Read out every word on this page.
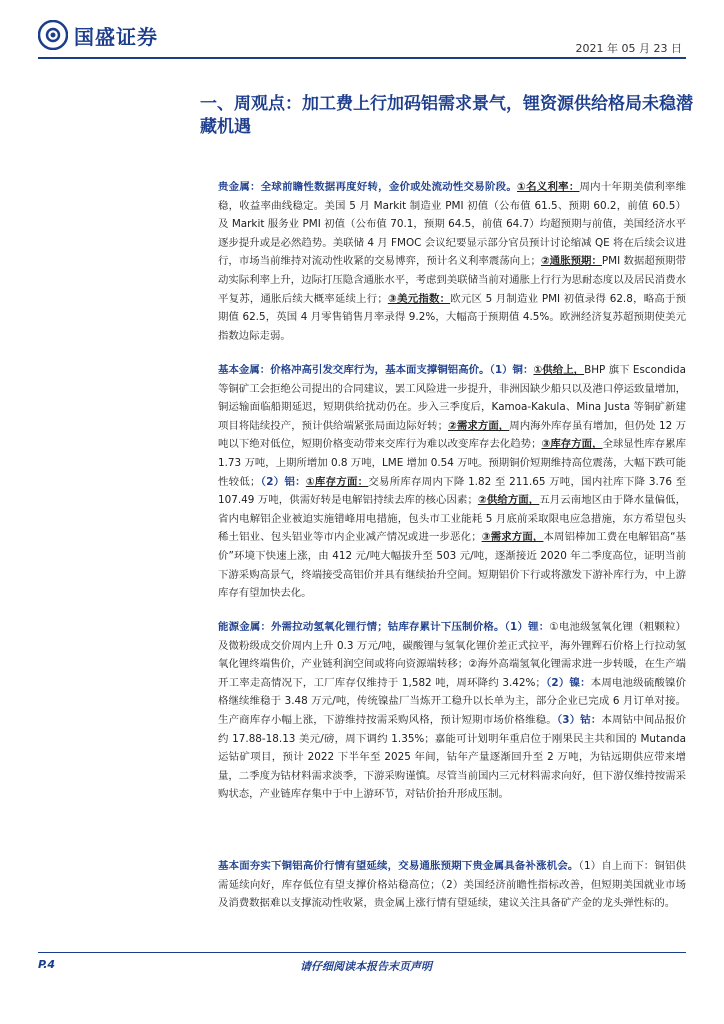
国盛证券	2021 年 05 月 23 日
一、周观点：加工费上行加码铝需求景气，锂资源供给格局未稳潜藏机遇
贵金属：全球前瞻性数据再度好转，金价或处流动性交易阶段。①名义利率：周内十年期美债利率维稳，收益率曲线稳定。美国 5 月 Markit 制造业 PMI 初值（公布值 61.5、预期 60.2，前值 60.5）及 Markit 服务业 PMI 初值（公布值 70.1，预期 64.5，前值 64.7）均超预期与前值，美国经济水平逐步提升或是必然趋势。美联储 4 月 FMOC 会议纪要显示部分官员预计讨论缩减 QE 将在后续会议进行，市场当前维持对流动性收紧的交易博弈，预计名义利率震荡向上；②通胀预期：PMI 数据超预期带动实际利率上升，边际打压隐含通胀水平，考虑到美联储当前对通胀上行行为思耐态度以及居民消费水平复苏，通胀后续大概率延续上行；③美元指数：欧元区 5 月制造业 PMI 初值录得 62.8，略高于预期值 62.5，英国 4 月零售销售月率录得 9.2%，大幅高于预期值 4.5%。欧洲经济复苏超预期使美元指数边际走弱。
基本金属：价格冲高引发交库行为，基本面支撑铜铝高价。（1）铜：①供给上，BHP 旗下 Escondida 等铜矿工会拒绝公司提出的合同建议，罢工风险进一步提升，非洲因缺少船只以及港口停运致量增加，铜运输面临船期延迟，短期供给扰动仍在。步入三季度后，Kamoa-Kakula、Mina Justa 等铜矿新建项目将陆续投产，预计供给端紧张局面边际好转；②需求方面，周内海外库存虽有增加，但仍处 12 万吨以下绝对低位，短期价格变动带来交库行为难以改变库存去化趋势；③库存方面，全球显性库存累库 1.73 万吨，上期所增加 0.8 万吨，LME 增加 0.54 万吨。预期铜价短期维持高位震荡，大幅下跌可能性较低；（2）铝：①库存方面：交易所库存周内下降 1.82 至 211.65 万吨，国内社库下降 3.76 至 107.49 万吨，供需好转是电解铝持续去库的核心因素；②供给方面，五月云南地区由于降水量偏低，省内电解铝企业被迫实施错峰用电措施，包头市工业能耗 5 月底前采取限电应急措施，东方希望包头稀土铝业、包头铝业等市内企业减产情况或进一步恶化；③需求方面，本周铝棒加工费在电解铝高“基价”环境下快速上涨，由 412 元/吨大幅拔升至 503 元/吨，逐渐接近 2020 年二季度高位，证明当前下游采购高景气，终端接受高铝价并具有继续抬升空间。短期铝价下行或将激发下游补库行为，中上游库存有望加快去化。
能源金属：外需拉动氢氧化锂行情；钴库存累计下压制价格。（1）锂：①电池级氢氧化锂（粗颗粒）及微粉级成交价周内上升 0.3 万元/吨，碳酸锂与氢氧化锂价差正式拉平，海外锂辉石价格上行拉动氢氧化锂终端售价，产业链利润空间或将向资源端转移；②海外高端氢氧化锂需求进一步转暖，在生产端开工率走高情况下，工厂库存仅维持于 1,582 吨，周环降约 3.42%；（2）镍：本周电池级硫酸镍价格继续维稳于 3.48 万元/吨，传统镍盐厂当炼开工稳升以长单为主，部分企业已完成 6 月订单对接。生产商库存小幅上涨，下游维持按需采购风格，预计短期市场价格维稳。（3）钴：本周钴中间品报价约 17.88-18.13 美元/磅，周下调约 1.35%；嘉能可计划明年重启位于刚果民主共和国的 Mutanda 运钴矿项目，预计 2022 下半年至 2025 年间，钴年产量逐渐回升至 2 万吨，为钴远期供应带来增量，二季度为钴材料需求淡季，下游采购谨慎。尽管当前国内三元材料需求向好，但下游仅维持按需采购状态，产业链库存集中于中上游环节，对钴价抬升形成压制。
基本面夯实下铜铝高价行情有望延续，交易通胀预期下贵金属具备补涨机会。（1）自上而下：铜铝供需延续向好，库存低位有望支撑价格站稳高位；（2）美国经济前瞻性指标改善，但短期美国就业市场及消费数据难以支撑流动性收紧，贵金属上涨行情有望延续，建议关注具备矿产金的龙头弹性标的。
P.4	请仔细阅读本报告末页声明
